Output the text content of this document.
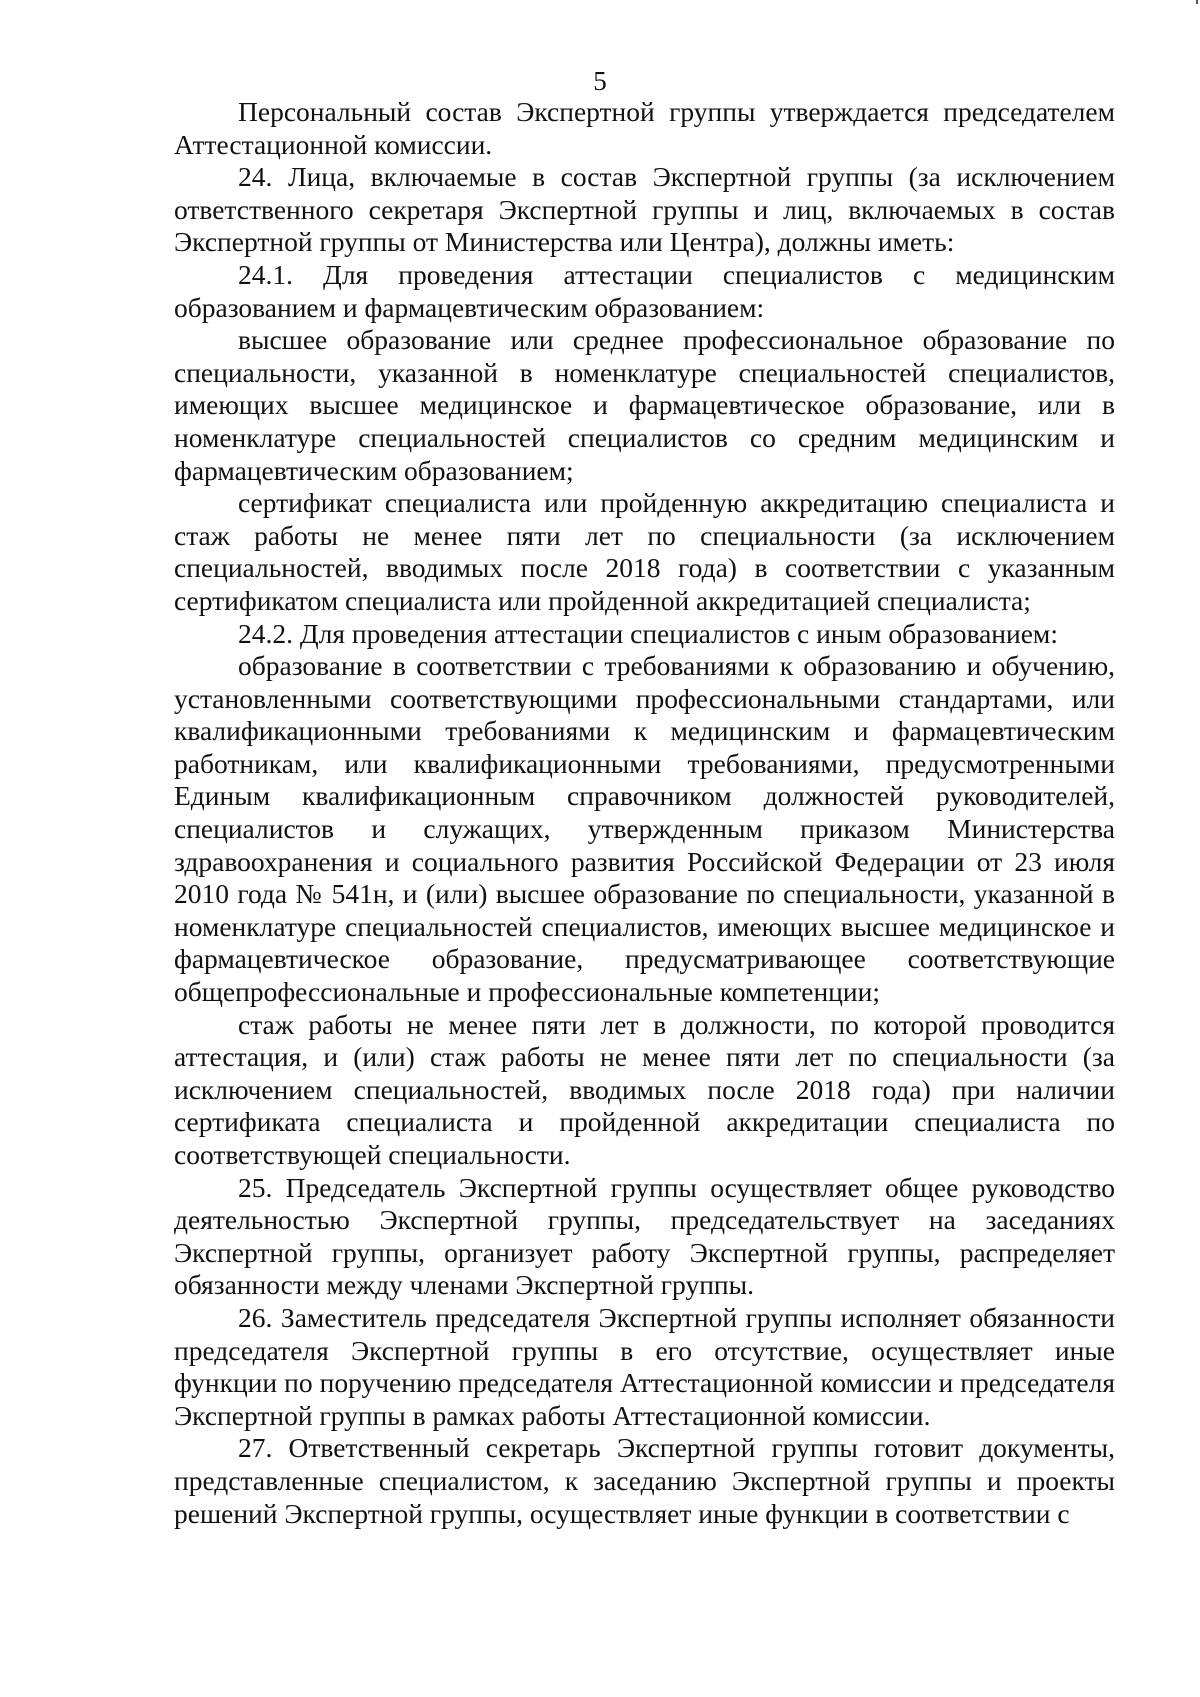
5

Персональный состав Экспертной группы утверждается председателем Аттестационной комиссии.

24. Лица, включаемые в состав Экспертной группы (за исключением ответственного секретаря Экспертной группы и лиц, включаемых в состав Экспертной группы от Министерства или Центра), должны иметь:

24.1. Для проведения аттестации специалистов с медицинским образованием и фармацевтическим образованием:

высшее образование или среднее профессиональное образование по специальности, указанной в номенклатуре специальностей специалистов, имеющих высшее медицинское и фармацевтическое образование, или в номенклатуре специальностей специалистов со средним медицинским и фармацевтическим образованием;

сертификат специалиста или пройденную аккредитацию специалиста и стаж работы не менее пяти лет по специальности (за исключением специальностей, вводимых после 2018 года) в соответствии с указанным сертификатом специалиста или пройденной аккредитацией специалиста;

24.2. Для проведения аттестации специалистов с иным образованием:

образование в соответствии с требованиями к образованию и обучению, установленными соответствующими профессиональными стандартами, или квалификационными требованиями к медицинским и фармацевтическим работникам, или квалификационными требованиями, предусмотренными Единым квалификационным справочником должностей руководителей, специалистов и служащих, утвержденным приказом Министерства здравоохранения и социального развития Российской Федерации от 23 июля 2010 года № 541н, и (или) высшее образование по специальности, указанной в номенклатуре специальностей специалистов, имеющих высшее медицинское и фармацевтическое образование, предусматривающее соответствующие общепрофессиональные и профессиональные компетенции;

стаж работы не менее пяти лет в должности, по которой проводится аттестация, и (или) стаж работы не менее пяти лет по специальности (за исключением специальностей, вводимых после 2018 года) при наличии сертификата специалиста и пройденной аккредитации специалиста по соответствующей специальности.

25. Председатель Экспертной группы осуществляет общее руководство деятельностью Экспертной группы, председательствует на заседаниях Экспертной группы, организует работу Экспертной группы, распределяет обязанности между членами Экспертной группы.

26. Заместитель председателя Экспертной группы исполняет обязанности председателя Экспертной группы в его отсутствие, осуществляет иные функции по поручению председателя Аттестационной комиссии и председателя Экспертной группы в рамках работы Аттестационной комиссии.

27. Ответственный секретарь Экспертной группы готовит документы, представленные специалистом, к заседанию Экспертной группы и проекты решений Экспертной группы, осуществляет иные функции в соответствии с
